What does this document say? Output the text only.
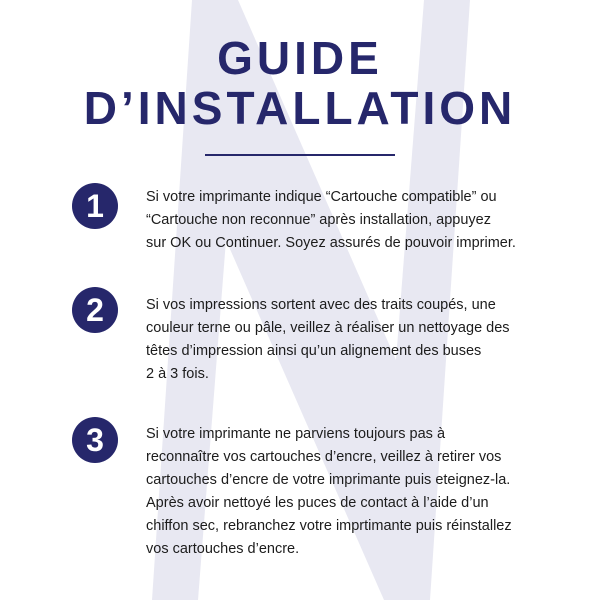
GUIDE
D’INSTALLATION
1	Si votre imprimante indique “Cartouche compatible” ou
“Cartouche non reconnue” après installation, appuyez
sur OK ou Continuer. Soyez assurés de pouvoir imprimer.
2	Si vos impressions sortent avec des traits coupés, une
couleur terne ou pâle, veillez à réaliser un nettoyage des
têtes d’impression ainsi qu’un alignement des buses
2 à 3 fois.
3	Si votre imprimante ne parviens toujours pas à
reconnaître vos cartouches d’encre, veillez à retirer vos
cartouches d’encre de votre imprimante puis eteignez-la.
Après avoir nettoyé les puces de contact à l’aide d’un
chiffon sec, rebranchez votre imprtimante puis réinstallez
vos cartouches d’encre.
